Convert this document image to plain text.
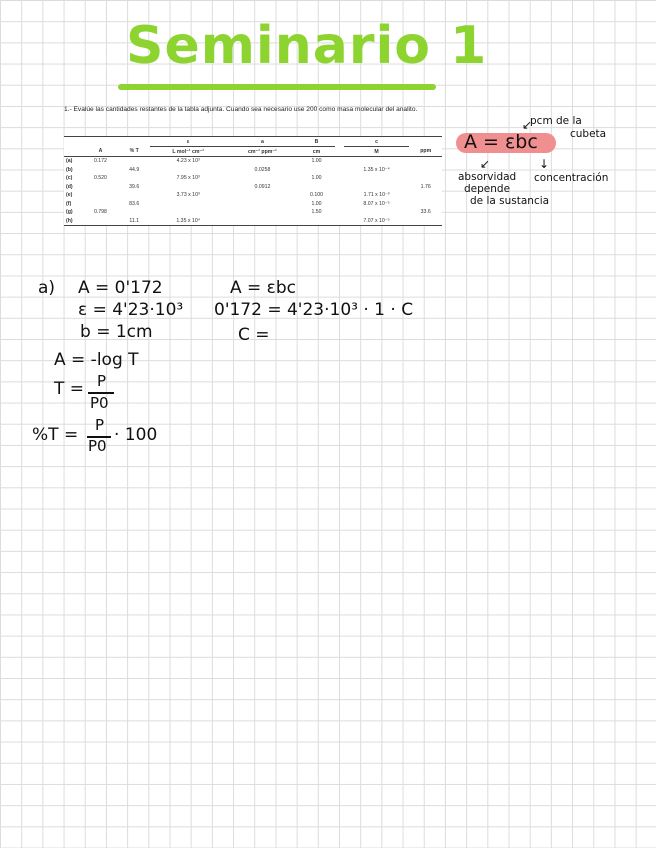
Seminario 1
1.- Evalúe las cantidades restantes de la tabla adjunta. Cuando sea necesario use 200 como masa molecular del analito.
			ε	a	B		c	
	A	% T	L mol⁻¹ cm⁻¹	cm⁻¹ ppm⁻¹	cm		M	ppm
(a)	0.172		4.23 x 10³		1.00			
(b)		44.9		0.0258			1.35 x 10⁻⁴	
(c)	0.520		7.95 x 10³		1.00			
(d)		39.6		0.0912				1.76
(e)			3.73 x 10³		0.100		1.71 x 10⁻³	
(f)		83.6			1.00		8.07 x 10⁻⁵	
(g)	0.798				1.50			33.6
(h)		11.1	1.35 x 10⁴				7.07 x 10⁻⁵	
A = εbc
pcm de la
cubeta
↙
↙	↓
absorvidad
depende
de la sustancia
concentración
a) A = 0'172
ε = 4'23·10³
b = 1cm
A = εbc
0'172 = 4'23·10³ · 1 · C
C =
A = -log T
T = P
P0
%T = P
P0
· 100
